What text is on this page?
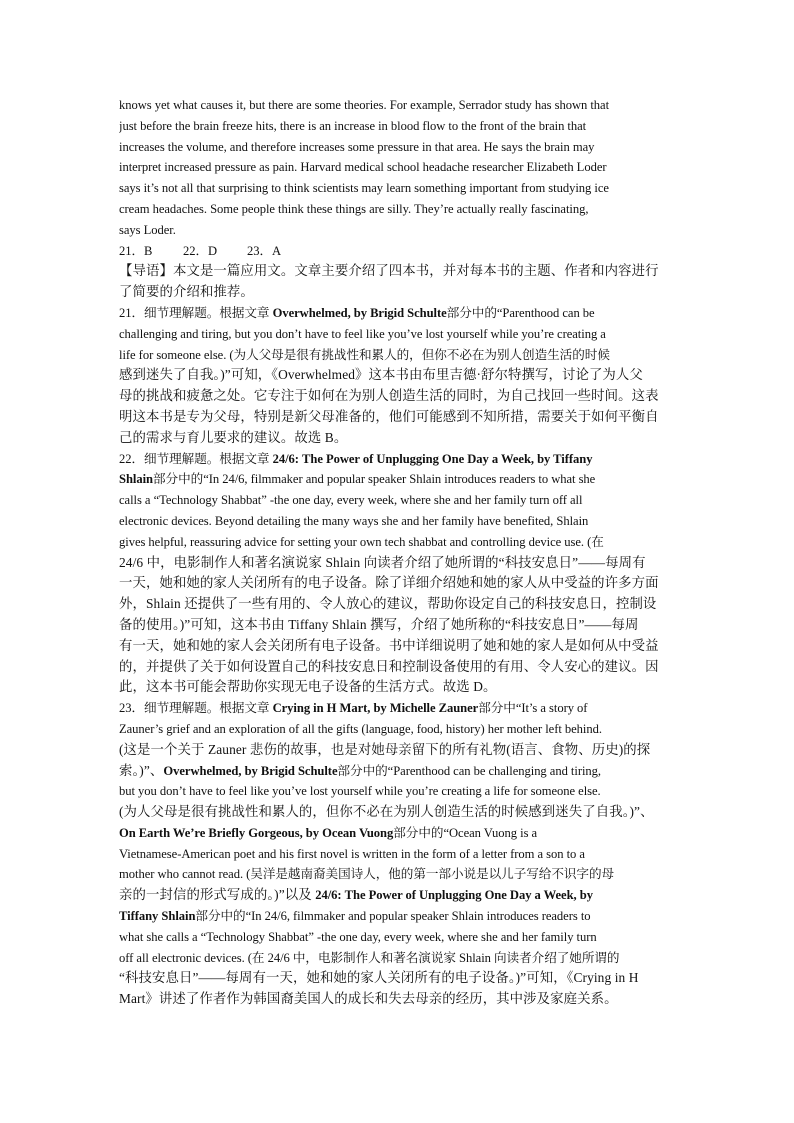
knows yet what causes it, but there are some theories. For example, Serrador study has shown that
just before the brain freeze hits, there is an increase in blood flow to the front of the brain that
increases the volume, and therefore increases some pressure in that area. He says the brain may
interpret increased pressure as pain. Harvard medical school headache researcher Elizabeth Loder
says it’s not all that surprising to think scientists may learn something important from studying ice
cream headaches. Some people think these things are silly. They’re actually really fascinating,
says Loder.
21．B 22．D 23．A
【导语】本文是一篇应用文。文章主要介绍了四本书，并对每本书的主题、作者和内容进行
了简要的介绍和推荐。
21．细节理解题。根据文章 Overwhelmed, by Brigid Schulte部分中的“Parenthood can be
challenging and tiring, but you don’t have to feel like you’ve lost yourself while you’re creating a
life for someone else. (为人父母是很有挑战性和累人的，但你不必在为别人创造生活的时候
感到迷失了自我。)”可知，《Overwhelmed》这本书由布里吉德·舒尔特撰写，讨论了为人父
母的挑战和疲惫之处。它专注于如何在为别人创造生活的同时，为自己找回一些时间。这表
明这本书是专为父母，特别是新父母准备的，他们可能感到不知所措，需要关于如何平衡自
己的需求与育儿要求的建议。故选 B。
22．细节理解题。根据文章 24/6: The Power of Unplugging One Day a Week, by Tiffany
Shlain部分中的“In 24/6, filmmaker and popular speaker Shlain introduces readers to what she
calls a “Technology Shabbat” -the one day, every week, where she and her family turn off all
electronic devices. Beyond detailing the many ways she and her family have benefited, Shlain
gives helpful, reassuring advice for setting your own tech shabbat and controlling device use. (在
24/6 中，电影制作人和著名演说家 Shlain 向读者介绍了她所谓的“科技安息日”——每周有
一天，她和她的家人关闭所有的电子设备。除了详细介绍她和她的家人从中受益的许多方面
外，Shlain 还提供了一些有用的、令人放心的建议，帮助你设定自己的科技安息日，控制设
备的使用。)”可知，这本书由 Tiffany Shlain 撰写，介绍了她所称的“科技安息日”——每周
有一天，她和她的家人会关闭所有电子设备。书中详细说明了她和她的家人是如何从中受益
的，并提供了关于如何设置自己的科技安息日和控制设备使用的有用、令人安心的建议。因
此，这本书可能会帮助你实现无电子设备的生活方式。故选 D。
23．细节理解题。根据文章 Crying in H Mart, by Michelle Zauner部分中“It’s a story of
Zauner’s grief and an exploration of all the gifts (language, food, history) her mother left behind.
(这是一个关于 Zauner 悲伤的故事，也是对她母亲留下的所有礼物(语言、食物、历史)的探
索。)”、Overwhelmed, by Brigid Schulte部分中的“Parenthood can be challenging and tiring,
but you don’t have to feel like you’ve lost yourself while you’re creating a life for someone else.
(为人父母是很有挑战性和累人的，但你不必在为别人创造生活的时候感到迷失了自我。)”、
On Earth We’re Briefly Gorgeous, by Ocean Vuong部分中的“Ocean Vuong is a
Vietnamese-American poet and his first novel is written in the form of a letter from a son to a
mother who cannot read. (吴洋是越南裔美国诗人，他的第一部小说是以儿子写给不识字的母
亲的一封信的形式写成的。)”以及 24/6: The Power of Unplugging One Day a Week, by
Tiffany Shlain部分中的“In 24/6, filmmaker and popular speaker Shlain introduces readers to
what she calls a “Technology Shabbat” -the one day, every week, where she and her family turn
off all electronic devices. (在 24/6 中，电影制作人和著名演说家 Shlain 向读者介绍了她所谓的
“科技安息日”——每周有一天，她和她的家人关闭所有的电子设备。)”可知，《Crying in H
Mart》讲述了作者作为韩国裔美国人的成长和失去母亲的经历，其中涉及家庭关系。
